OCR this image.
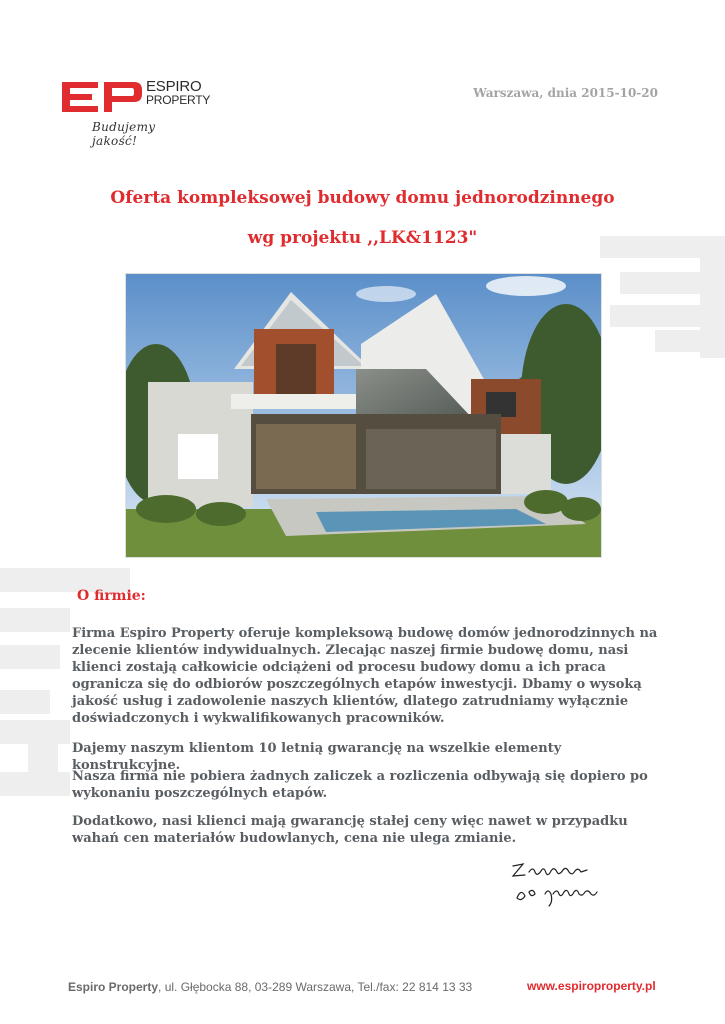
ESPIRO
PROPERTY
Budujemy jakość!
Warszawa, dnia 2015-10-20
Oferta kompleksowej budowy domu jednorodzinnego
wg projektu ,,LK&1123"
O firmie:

Firma Espiro Property oferuje kompleksową budowę domów jednorodzinnych na zlecenie klientów indywidualnych. Zlecając naszej firmie budowę domu, nasi klienci zostają całkowicie odciążeni od procesu budowy domu a ich praca ogranicza się do odbiorów poszczególnych etapów inwestycji. Dbamy o wysoką jakość usług i zadowolenie naszych klientów, dlatego zatrudniamy wyłącznie doświadczonych i wykwalifikowanych pracowników.

Dajemy naszym klientom 10 letnią gwarancję na wszelkie elementy konstrukcyjne.

Nasza firma nie pobiera żadnych zaliczek a rozliczenia odbywają się dopiero po wykonaniu poszczególnych etapów.

Dodatkowo, nasi klienci mają gwarancję stałej ceny więc nawet w przypadku wahań cen materiałów budowlanych, cena nie ulega zmianie.

Espiro Property, ul. Głębocka 88, 03-289 Warszawa, Tel./fax: 22 814 13 33	www.espiroproperty.pl
